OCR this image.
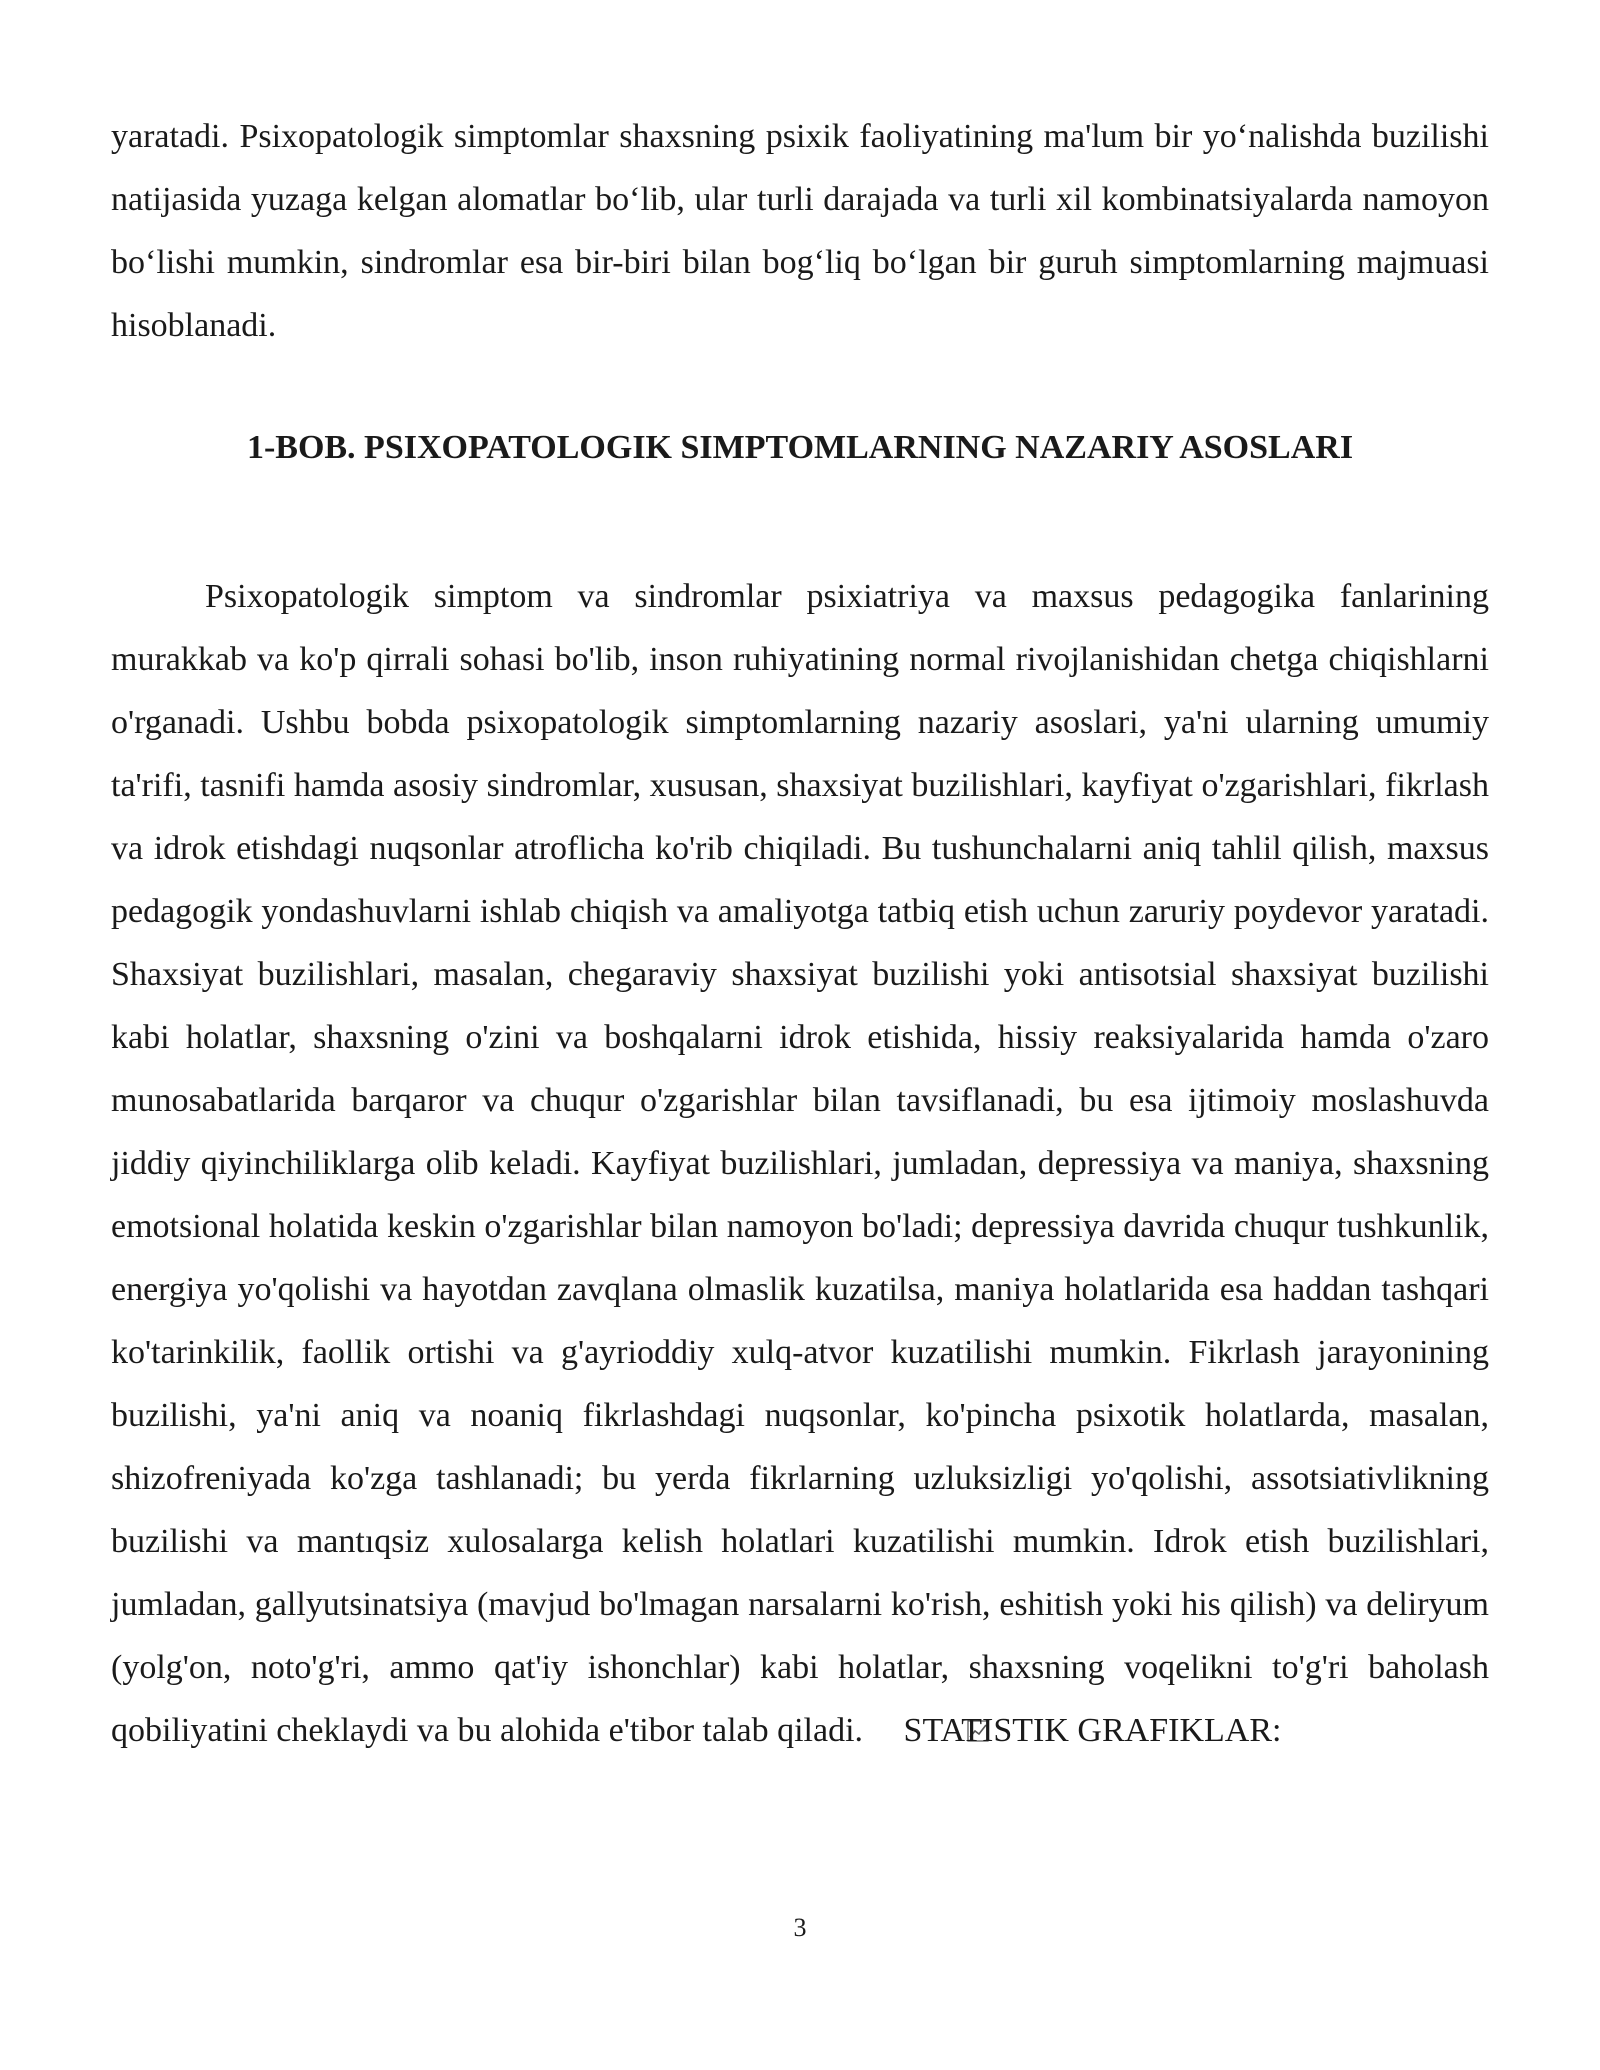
yaratadi. Psixopatologik simptomlar shaxsning psixik faoliyatining ma'lum bir yo‘nalishda buzilishi natijasida yuzaga kelgan alomatlar bo‘lib, ular turli darajada va turli xil kombinatsiyalarda namoyon bo‘lishi mumkin, sindromlar esa bir-biri bilan bog‘liq bo‘lgan bir guruh simptomlarning majmuasi hisoblanadi.

1-BOB. PSIXOPATOLOGIK SIMPTOMLARNING NAZARIY ASOSLARI

Psixopatologik simptom va sindromlar psixiatriya va maxsus pedagogika fanlarining murakkab va ko'p qirrali sohasi bo'lib, inson ruhiyatining normal rivojlanishidan chetga chiqishlarni o'rganadi. Ushbu bobda psixopatologik simptomlarning nazariy asoslari, ya'ni ularning umumiy ta'rifi, tasnifi hamda asosiy sindromlar, xususan, shaxsiyat buzilishlari, kayfiyat o'zgarishlari, fikrlash va idrok etishdagi nuqsonlar atroflicha ko'rib chiqiladi. Bu tushunchalarni aniq tahlil qilish, maxsus pedagogik yondashuvlarni ishlab chiqish va amaliyotga tatbiq etish uchun zaruriy poydevor yaratadi. Shaxsiyat buzilishlari, masalan, chegaraviy shaxsiyat buzilishi yoki antisotsial shaxsiyat buzilishi kabi holatlar, shaxsning o'zini va boshqalarni idrok etishida, hissiy reaksiyalarida hamda o'zaro munosabatlarida barqaror va chuqur o'zgarishlar bilan tavsiflanadi, bu esa ijtimoiy moslashuvda jiddiy qiyinchiliklarga olib keladi. Kayfiyat buzilishlari, jumladan, depressiya va maniya, shaxsning emotsional holatida keskin o'zgarishlar bilan namoyon bo'ladi; depressiya davrida chuqur tushkunlik, energiya yo'qolishi va hayotdan zavqlana olmaslik kuzatilsa, maniya holatlarida esa haddan tashqari ko'tarinkilik, faollik ortishi va g'ayrioddiy xulq-atvor kuzatilishi mumkin. Fikrlash jarayonining buzilishi, ya'ni aniq va noaniq fikrlashdagi nuqsonlar, ko'pincha psixotik holatlarda, masalan, shizofreniyada ko'zga tashlanadi; bu yerda fikrlarning uzluksizligi yo'qolishi, assotsiativlikning buzilishi va mantıqsiz xulosalarga kelish holatlari kuzatilishi mumkin. Idrok etish buzilishlari, jumladan, gallyutsinatsiya (mavjud bo'lmagan narsalarni ko'rish, eshitish yoki his qilish) va deliryum (yolg'on, noto'g'ri, ammo qat'iy ishonchlar) kabi holatlar, shaxsning voqelikni to'g'ri baholash qobiliyatini cheklaydi va bu alohida e'tibor talab qiladi. STATISTIK GRAFIKLAR:

3
